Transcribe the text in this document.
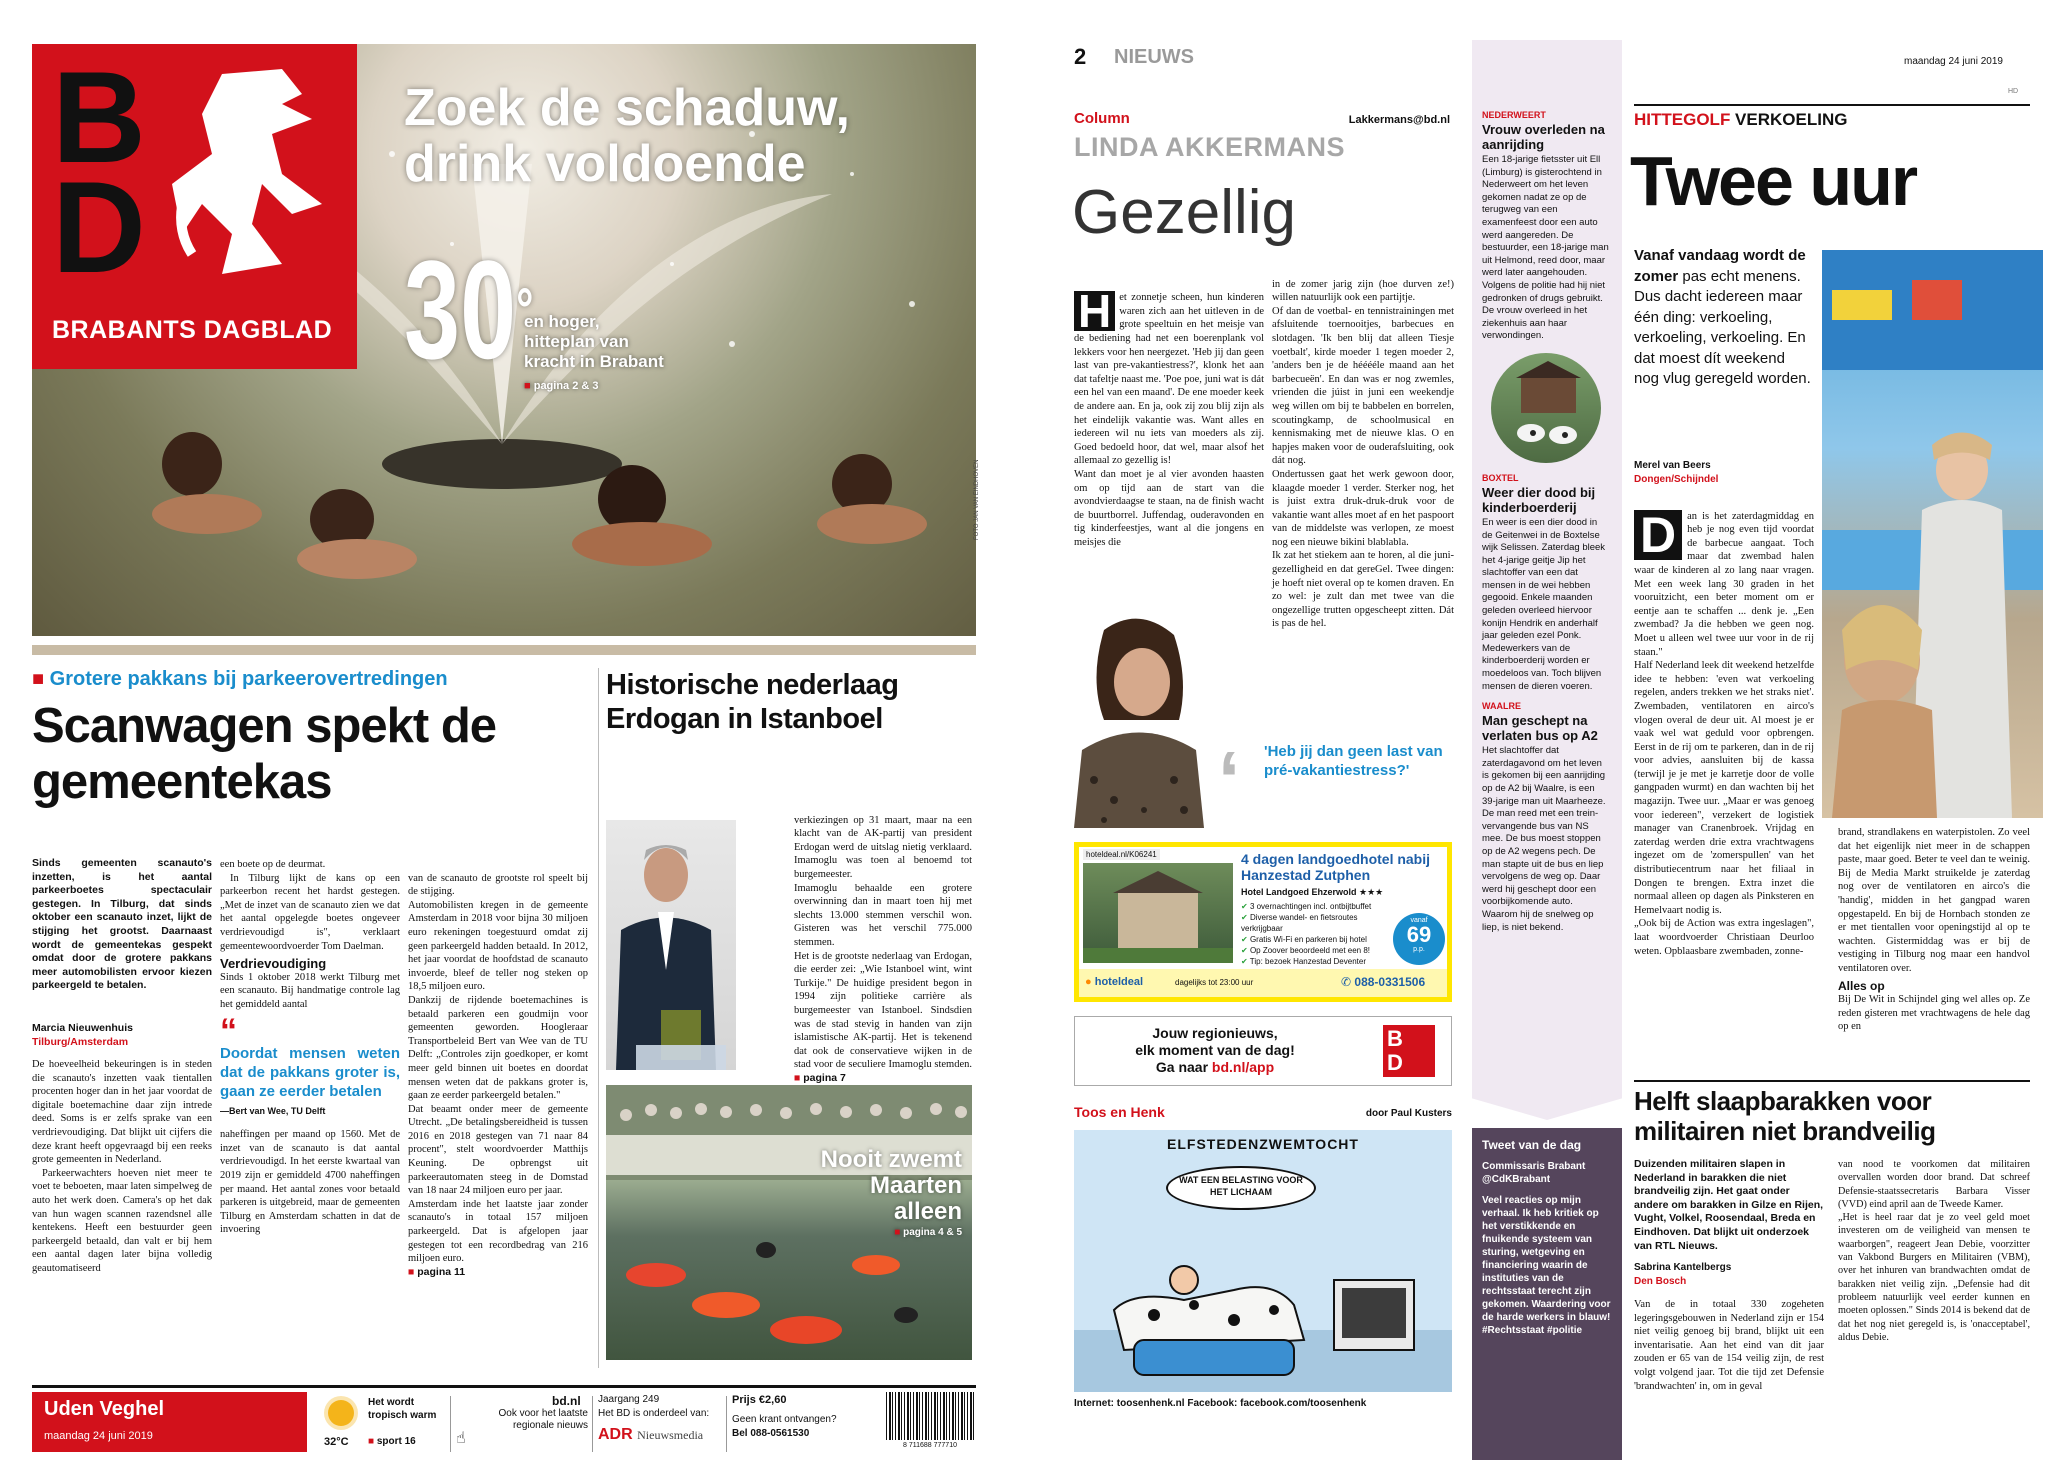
B
D
BRABANTS DAGBLAD
Zoek de schaduw, drink voldoende
30°
en hoger,
hitteplan van
kracht in Brabant
■ pagina 2 & 3
FOTO JAN VAN EINDHOVEN
■ Grotere pakkans bij parkeerovertredingen
Scanwagen spekt de gemeentekas
Sinds gemeenten scanauto's inzetten, is het aantal parkeerboetes spectaculair gestegen. In Tilburg, dat sinds oktober een scanauto inzet, lijkt de stijging het grootst. Daarnaast wordt de gemeentekas gespekt omdat door de grotere pakkans meer automobilisten ervoor kiezen parkeergeld te betalen.
Marcia Nieuwenhuis
Tilburg/Amsterdam
De hoeveelheid bekeuringen is in steden die scanauto's inzetten vaak tientallen procenten hoger dan in het jaar voordat de digitale boetemachine daar zijn intrede deed. Soms is er zelfs sprake van een verdrievoudiging. Dat blijkt uit cijfers die deze krant heeft opgevraagd bij een reeks grote gemeenten in Nederland.
Parkeerwachters hoeven niet meer te voet te beboeten, maar laten simpelweg de auto het werk doen. Camera's op het dak van hun wagen scannen razendsnel alle kentekens. Heeft een bestuurder geen parkeergeld betaald, dan valt er bij hem een aantal dagen later bijna volledig geautomatiseerd
een boete op de deurmat.
In Tilburg lijkt de kans op een parkeerbon recent het hardst gestegen. „Met de inzet van de scanauto zien we dat het aantal opgelegde boetes ongeveer verdrievoudigd is", verklaart gemeentewoordvoerder Tom Daelman.
Verdrievoudiging
Sinds 1 oktober 2018 werkt Tilburg met een scanauto. Bij handmatige controle lag het gemiddeld aantal
“
Doordat mensen weten dat de pakkans groter is, gaan ze eerder betalen
—Bert van Wee, TU Delft
naheffingen per maand op 1560. Met de inzet van de scanauto is dat aantal verdrievoudigd. In het eerste kwartaal van 2019 zijn er gemiddeld 4700 naheffingen per maand. Het aantal zones voor betaald parkeren is uitgebreid, maar de gemeenten Tilburg en Amsterdam schatten in dat de invoering

van de scanauto de grootste rol speelt bij de stijging.
Automobilisten kregen in de gemeente Amsterdam in 2018 voor bijna 30 miljoen euro rekeningen toegestuurd omdat zij geen parkeergeld hadden betaald. In 2012, het jaar voordat de hoofdstad de scanauto invoerde, bleef de teller nog steken op 18,5 miljoen euro.
Dankzij de rijdende boetemachines is betaald parkeren een goudmijn voor gemeenten geworden. Hoogleraar Transportbeleid Bert van Wee van de TU Delft: „Controles zijn goedkoper, er komt meer geld binnen uit boetes en doordat mensen weten dat de pakkans groter is, gaan ze eerder parkeergeld betalen."
Dat beaamt onder meer de gemeente Utrecht. „De betalingsbereidheid is tussen 2016 en 2018 gestegen van 71 naar 84 procent", stelt woordvoerder Matthijs Keuning. De opbrengst uit parkeerautomaten steeg in de Domstad van 18 naar 24 miljoen euro per jaar.
Amsterdam inde het laatste jaar zonder scanauto's in totaal 157 miljoen parkeergeld. Dat is afgelopen jaar gestegen tot een recordbedrag van 216 miljoen euro.

■ pagina 11

Historische nederlaag Erdogan in Istanboel

verkiezingen op 31 maart, maar na een klacht van de AK-partij van president Erdogan werd de uitslag nietig verklaard. Imamoglu was toen al benoemd tot burgemeester.
Imamoglu behaalde een grotere overwinning dan in maart toen hij met slechts 13.000 stemmen verschil won. Gisteren was het verschil 775.000 stemmen.
Het is de grootste nederlaag van Erdogan, die eerder zei: „Wie Istanboel wint, wint Turkije." De huidige president begon in 1994 zijn politieke carrière als burgemeester van Istanboel. Sindsdien was de stad stevig in handen van zijn islamistische AK-partij. Het is tekenend dat ook de conservatieve wijken in de stad voor de seculiere Imamoglu stemden. ■ pagina 7

Nooit zwemt
Maarten
alleen
■ pagina 4 & 5
Uden Veghel
maandag 24 juni 2019	32°C
Het wordt tropisch warm
■ sport 16
bd.nl
☝
Ook voor het laatste regionale nieuws
Jaargang 249
Het BD is onderdeel van:
ADR Nieuwsmedia
Prijs €2,60
Geen krant ontvangen?
Bel 088-0561530
8 711688 777710
2 NIEUWS	maandag 24 juni 2019
HD
Column	Lakkermans@bd.nl
LINDA AKKERMANS
Gezellig

H et zonnetje scheen, hun kinderen waren zich aan het uitleven in de grote speeltuin en het meisje van de bediening had net een boerenplank vol lekkers voor hen neergezet. 'Heb jij dan geen last van pre-vakantiestress?', klonk het aan dat tafeltje naast me. 'Poe poe, juni wat is dát een hel van een maand'. De ene moeder keek de andere aan. En ja, ook zij zou blij zijn als het eindelijk vakantie was. Want alles en iedereen wil nu iets van moeders als zij. Goed bedoeld hoor, dat wel, maar alsof het allemaal zo gezellig is!
Want dan moet je al vier avonden haasten om op tijd aan de start van die avondvierdaagse te staan, na de finish wacht de buurtborrel. Juffendag, ouderavonden en tig kinderfeestjes, want al die jongens en meisjes die

in de zomer jarig zijn (hoe durven ze!) willen natuurlijk ook een partijtje.
Of dan de voetbal- en tennistrainingen met afsluitende toernooitjes, barbecues en slotdagen. 'Ik ben blij dat alleen Tiesje voetbalt', kirde moeder 1 tegen moeder 2, 'anders ben je de hééééle maand aan het barbecueën'. En dan was er nog zwemles, vrienden die júist in juni een weekendje weg willen om bij te babbelen en borrelen, scoutingkamp, de schoolmusical en kennismaking met de nieuwe klas. O en hapjes maken voor de ouderafsluiting, ook dát nog.
Ondertussen gaat het werk gewoon door, klaagde moeder 1 verder. Sterker nog, het is juist extra druk-druk-druk voor de vakantie want alles moet af en het paspoort van de middelste was verlopen, ze moest nog een nieuwe bikini blablabla.
Ik zat het stiekem aan te horen, al die juni-gezelligheid en dat gereGel. Twee dingen: je hoeft niet overal op te komen draven. En zo wel: je zult dan met twee van die ongezellige trutten opgescheept zitten. Dát is pas de hel.

‘ 'Heb jij dan geen last van pré-vakantiestress?'
hoteldeal.nl/K06241	4 dagen landgoedhotel nabij Hanzestad Zutphen
Hotel Landgoed Ehzerwold ★★★
✔ 3 overnachtingen incl. ontbijtbuffet
✔ Diverse wandel- en fietsroutes verkrijgbaar
✔ Gratis Wi-Fi en parkeren bij hotel
✔ Op Zoover beoordeeld met een 8!
✔ Tip: bezoek Hanzestad Deventer
vanaf
69
p.p.
● hoteldeal	dagelijks tot 23:00 uur	✆ 088-0331506
Jouw regionieuws,
elk moment van de dag!
Ga naar bd.nl/app
B
D
Toos en Henk	door Paul Kusters
ELFSTEDENZWEMTOCHT
WAT EEN BELASTING VOOR HET LICHAAM
Internet: toosenhenk.nl Facebook: facebook.com/toosenhenk
NEDERWEERT
Vrouw overleden na aanrijding
Een 18-jarige fietsster uit Ell (Limburg) is gisterochtend in Nederweert om het leven gekomen nadat ze op de terugweg van een examenfeest door een auto werd aangereden. De bestuurder, een 18-jarige man uit Helmond, reed door, maar werd later aangehouden. Volgens de politie had hij niet gedronken of drugs gebruikt. De vrouw overleed in het ziekenhuis aan haar verwondingen.
BOXTEL
Weer dier dood bij kinderboerderij
En weer is een dier dood in de Geitenwei in de Boxtelse wijk Selissen. Zaterdag bleek het 4-jarige geitje Jip het slachtoffer van een dat mensen in de wei hebben gegooid. Enkele maanden geleden overleed hiervoor konijn Hendrik en anderhalf jaar geleden ezel Ponk. Medewerkers van de kinderboerderij worden er moedeloos van. Toch blijven mensen de dieren voeren.
WAALRE
Man geschept na verlaten bus op A2
Het slachtoffer dat zaterdagavond om het leven is gekomen bij een aanrijding op de A2 bij Waalre, is een 39-jarige man uit Maarheeze. De man reed met een trein-vervangende bus van NS mee. De bus moest stoppen op de A2 wegens pech. De man stapte uit de bus en liep vervolgens de weg op. Daar werd hij geschept door een voorbijkomende auto. Waarom hij de snelweg op liep, is niet bekend.
Tweet van de dag
Commissaris Brabant @CdKBrabant
Veel reacties op mijn verhaal. Ik heb kritiek op het verstikkende en fnuikende systeem van sturing, wetgeving en financiering waarin de instituties van de rechtsstaat terecht zijn gekomen. Waardering voor de harde werkers in blauw! #Rechtsstaat #politie
HITTEGOLF VERKOELING
Twee uur
Vanaf vandaag wordt de zomer pas echt menens. Dus dacht iedereen maar één ding: verkoeling, verkoeling, verkoeling. En dat moest dít weekend nog vlug geregeld worden.
Merel van Beers
Dongen/Schijndel

D	an is het zaterdagmiddag en heb je nog even tijd voordat de barbecue aangaat. Toch maar dat zwembad halen waar de kinderen al zo lang naar vragen. Met een week lang 30 graden in het vooruitzicht, een beter moment om er eentje aan te schaffen ... denk je. „Een zwembad? Ja die hebben we geen nog. Moet u alleen wel twee uur voor in de rij staan."
Half Nederland leek dit weekend hetzelfde idee te hebben: 'even wat verkoeling regelen, anders trekken we het straks niet'. Zwembaden, ventilatoren en airco's vlogen overal de deur uit. Al moest je er vaak wel wat geduld voor opbrengen. Eerst in de rij om te parkeren, dan in de rij voor advies, aansluiten bij de kassa (terwijl je je met je karretje door de volle gangpaden wurmt) en dan wachten bij het magazijn. Twee uur. „Maar er was genoeg voor iedereen", verzekert de logistiek manager van Cranenbroek. Vrijdag en zaterdag werden drie extra vrachtwagens ingezet om de 'zomerspullen' van het distributiecentrum naar het filiaal in Dongen te brengen. Extra inzet die normaal alleen op dagen als Pinksteren en Hemelvaart nodig is.
„Ook bij de Action was extra ingeslagen", laat woordvoerder Christiaan Deurloo weten. Opblaasbare zwembaden, zonne-

brand, strandlakens en waterpistolen. Zo veel dat het eigenlijk niet meer in de schappen paste, maar goed. Beter te veel dan te weinig. Bij de Media Markt struikelde je zaterdag nog over de ventilatoren en airco's die 'handig', midden in het gangpad waren opgestapeld. En bij de Hornbach stonden ze er met tientallen voor openingstijd al op te wachten. Gistermiddag was er bij de vestiging in Tilburg nog maar een handvol ventilatoren over.
Alles op
Bij De Wit in Schijndel ging wel alles op. Ze reden gisteren met vrachtwagens de hele dag op en
Helft slaapbarakken voor militairen niet brandveilig
Duizenden militairen slapen in Nederland in barakken die niet brandveilig zijn. Het gaat onder andere om barakken in Gilze en Rijen, Vught, Volkel, Roosendaal, Breda en Eindhoven. Dat blijkt uit onderzoek van RTL Nieuws.
Sabrina Kantelbergs
Den Bosch
Van de in totaal 330 zogeheten legeringsgebouwen in Nederland zijn er 154 niet veilig genoeg bij brand, blijkt uit een inventarisatie. Aan het eind van dit jaar zouden er 65 van de 154 veilig zijn, de rest volgt volgend jaar. Tot die tijd zet Defensie 'brandwachten' in, om in geval
van nood te voorkomen dat militairen overvallen worden door brand. Dat schreef Defensie-staatssecretaris Barbara Visser (VVD) eind april aan de Tweede Kamer.
„Het is heel raar dat je zo veel geld moet investeren om de veiligheid van mensen te waarborgen", reageert Jean Debie, voorzitter van Vakbond Burgers en Militairen (VBM), over het inhuren van brandwachten omdat de barakken niet veilig zijn. „Defensie had dit probleem natuurlijk veel eerder kunnen en moeten oplossen." Sinds 2014 is bekend dat de dat het nog niet geregeld is, is 'onacceptabel', aldus Debie.
